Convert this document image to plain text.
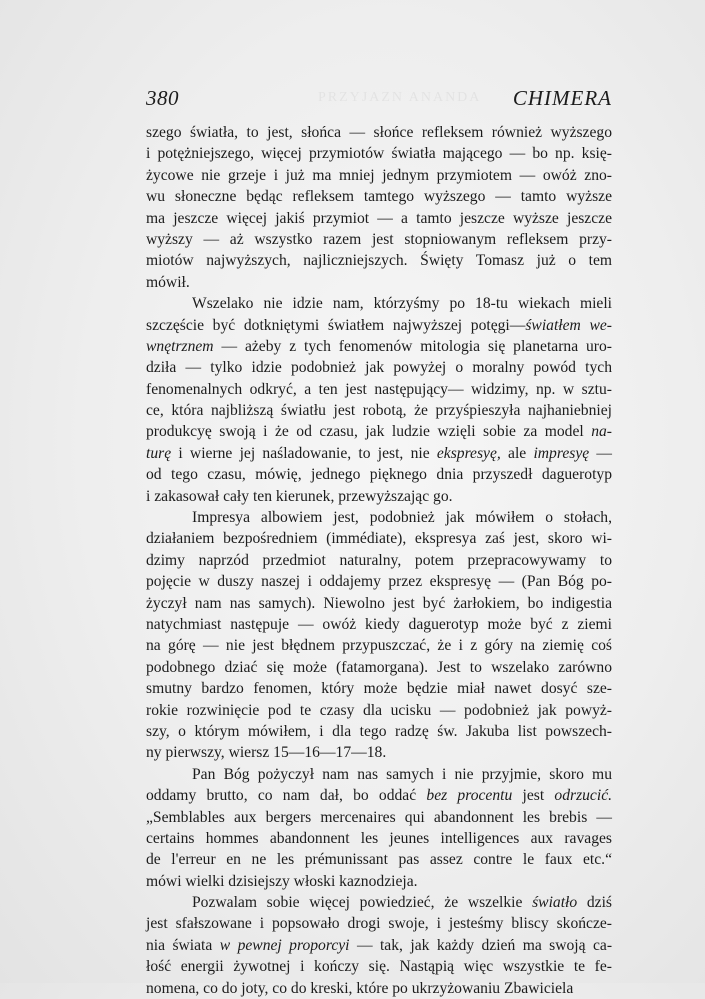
PRZYJAZN ANANDA
380	CHIMERA
szego światła, to jest, słońca — słońce refleksem również wyższego
i potężniejszego, więcej przymiotów światła mającego — bo np. księ-
życowe nie grzeje i już ma mniej jednym przymiotem — owóż zno-
wu słoneczne będąc refleksem tamtego wyższego — tamto wyższe
ma jeszcze więcej jakiś przymiot — a tamto jeszcze wyższe jeszcze
wyższy — aż wszystko razem jest stopniowanym refleksem przy-
miotów najwyższych, najliczniejszych. Święty Tomasz już o tem
mówił.
Wszelako nie idzie nam, którzyśmy po 18-tu wiekach mieli
szczęście być dotkniętymi światłem najwyższej potęgi—światłem we-
wnętrznem — ażeby z tych fenomenów mitologia się planetarna uro-
dziła — tylko idzie podobnież jak powyżej o moralny powód tych
fenomenalnych odkryć, a ten jest następujący— widzimy, np. w sztu-
ce, która najbliższą światłu jest robotą, że przyśpieszyła najhaniebniej
produkcyę swoją i że od czasu, jak ludzie wzięli sobie za model na-
turę i wierne jej naśladowanie, to jest, nie ekspresyę, ale impresyę —
od tego czasu, mówię, jednego pięknego dnia przyszedł daguerotyp
i zakasował cały ten kierunek, przewyższając go.
Impresya albowiem jest, podobnież jak mówiłem o stołach,
działaniem bezpośredniem (immédiate), ekspresya zaś jest, skoro wi-
dzimy naprzód przedmiot naturalny, potem przepracowywamy to
pojęcie w duszy naszej i oddajemy przez ekspresyę — (Pan Bóg po-
życzył nam nas samych). Niewolno jest być żarłokiem, bo indigestia
natychmiast następuje — owóż kiedy daguerotyp może być z ziemi
na górę — nie jest błędnem przypuszczać, że i z góry na ziemię coś
podobnego dziać się może (fatamorgana). Jest to wszelako zarówno
smutny bardzo fenomen, który może będzie miał nawet dosyć sze-
rokie rozwinięcie pod te czasy dla ucisku — podobnież jak powyż-
szy, o którym mówiłem, i dla tego radzę św. Jakuba list powszech-
ny pierwszy, wiersz 15—16—17—18.
Pan Bóg pożyczył nam nas samych i nie przyjmie, skoro mu
oddamy brutto, co nam dał, bo oddać bez procentu jest odrzucić.
„Semblables aux bergers mercenaires qui abandonnent les brebis —
certains hommes abandonnent les jeunes intelligences aux ravages
de l'erreur en ne les prémunissant pas assez contre le faux etc.“
mówi wielki dzisiejszy włoski kaznodzieja.
Pozwalam sobie więcej powiedzieć, że wszelkie światło dziś
jest sfałszowane i popsowało drogi swoje, i jesteśmy bliscy skończe-
nia świata w pewnej proporcyi — tak, jak każdy dzień ma swoją ca-
łość energii żywotnej i kończy się. Nastąpią więc wszystkie te fe-
nomena, co do joty, co do kreski, które po ukrzyżowaniu Zbawiciela
